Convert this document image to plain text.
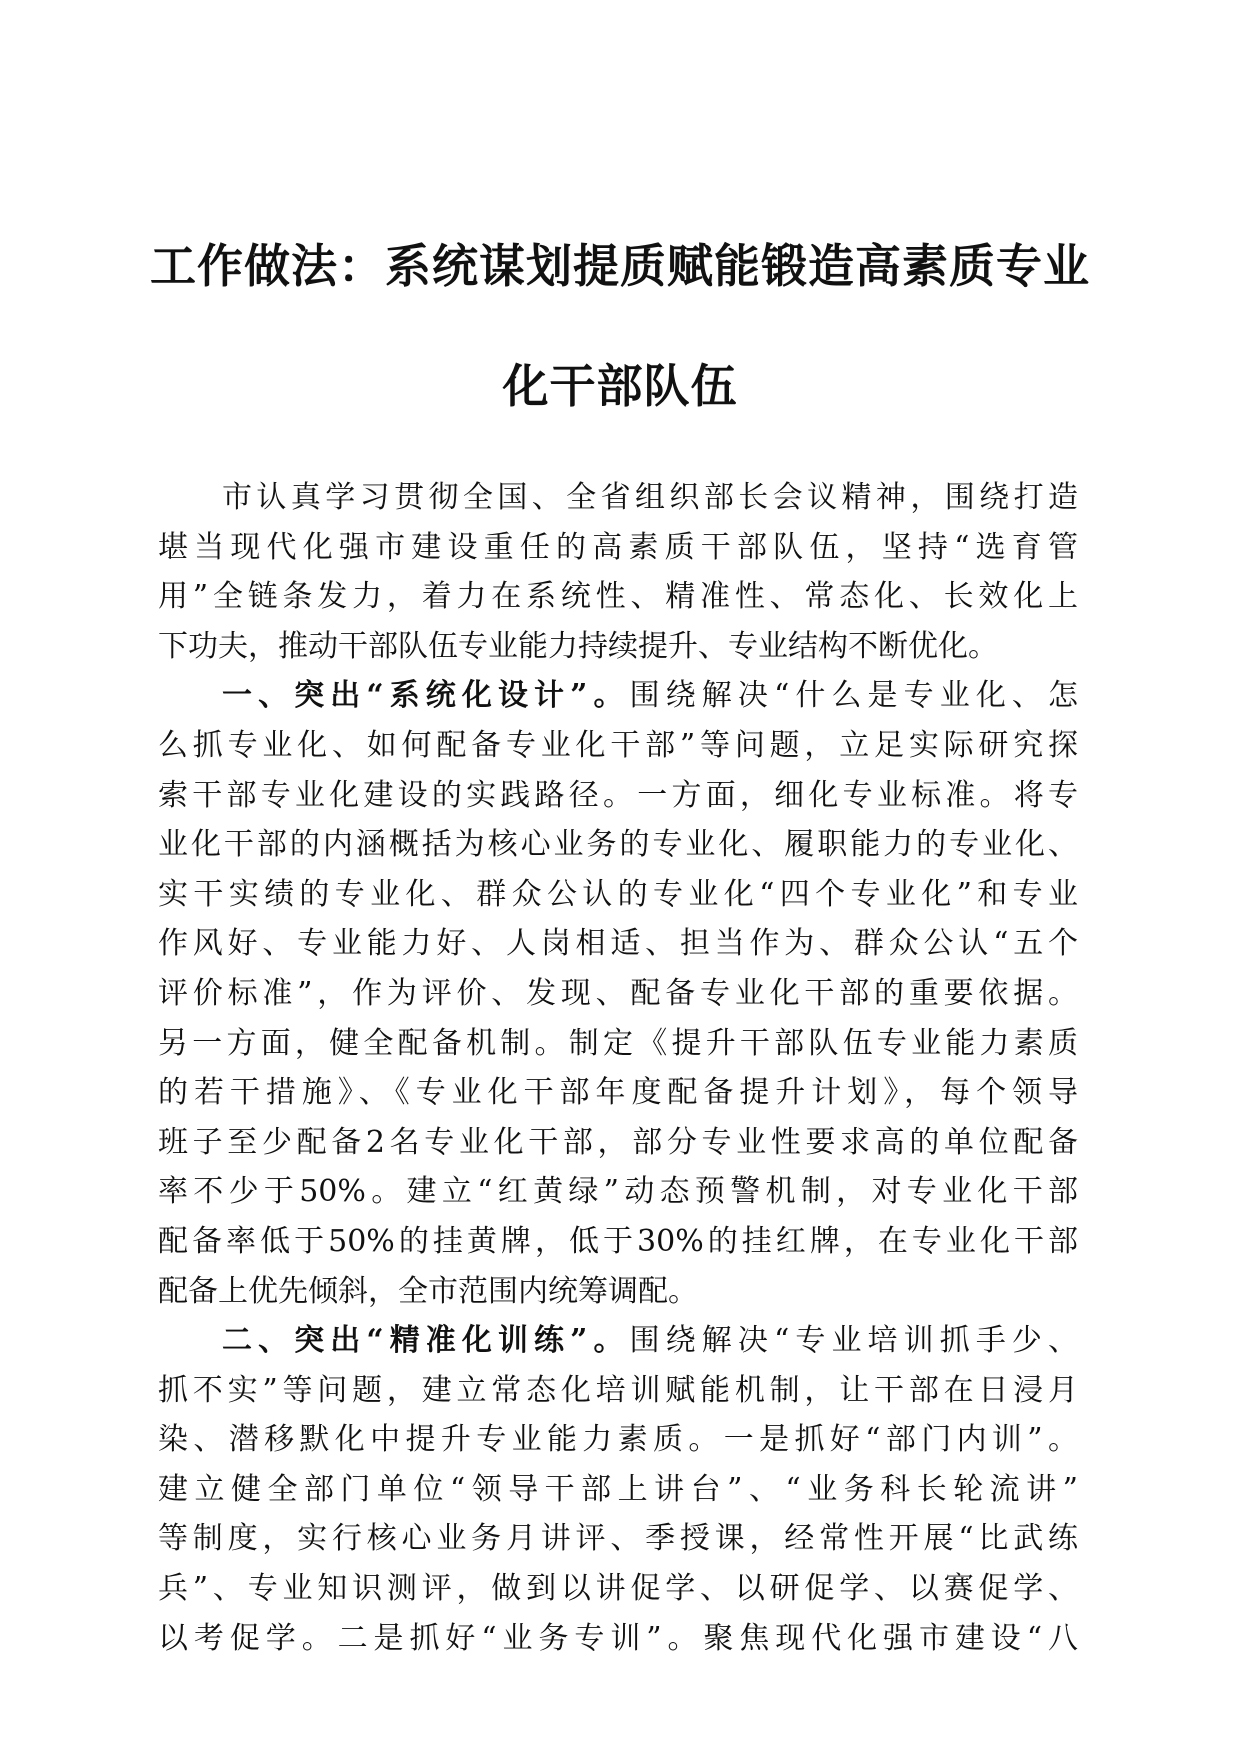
工作做法：系统谋划提质赋能锻造高素质专业
化干部队伍
市认真学习贯彻全国、全省组织部长会议精神，围绕打造
堪当现代化强市建设重任的高素质干部队伍，坚持“选育管
用”全链条发力，着力在系统性、精准性、常态化、长效化上
下功夫，推动干部队伍专业能力持续提升、专业结构不断优化。
一、突出“系统化设计”。围绕解决“什么是专业化、怎
么抓专业化、如何配备专业化干部”等问题，立足实际研究探
索干部专业化建设的实践路径。一方面，细化专业标准。将专
业化干部的内涵概括为核心业务的专业化、履职能力的专业化、
实干实绩的专业化、群众公认的专业化“四个专业化”和专业
作风好、专业能力好、人岗相适、担当作为、群众公认“五个
评价标准”，作为评价、发现、配备专业化干部的重要依据。
另一方面，健全配备机制。制定《提升干部队伍专业能力素质
的若干措施》、《专业化干部年度配备提升计划》，每个领导
班子至少配备2名专业化干部，部分专业性要求高的单位配备
率不少于50%。建立“红黄绿”动态预警机制，对专业化干部
配备率低于50%的挂黄牌，低于30%的挂红牌，在专业化干部
配备上优先倾斜，全市范围内统筹调配。
二、突出“精准化训练”。围绕解决“专业培训抓手少、
抓不实”等问题，建立常态化培训赋能机制，让干部在日浸月
染、潜移默化中提升专业能力素质。一是抓好“部门内训”。
建立健全部门单位“领导干部上讲台”、“业务科长轮流讲”
等制度，实行核心业务月讲评、季授课，经常性开展“比武练
兵”、专业知识测评，做到以讲促学、以研促学、以赛促学、
以考促学。二是抓好“业务专训”。聚焦现代化强市建设“八
